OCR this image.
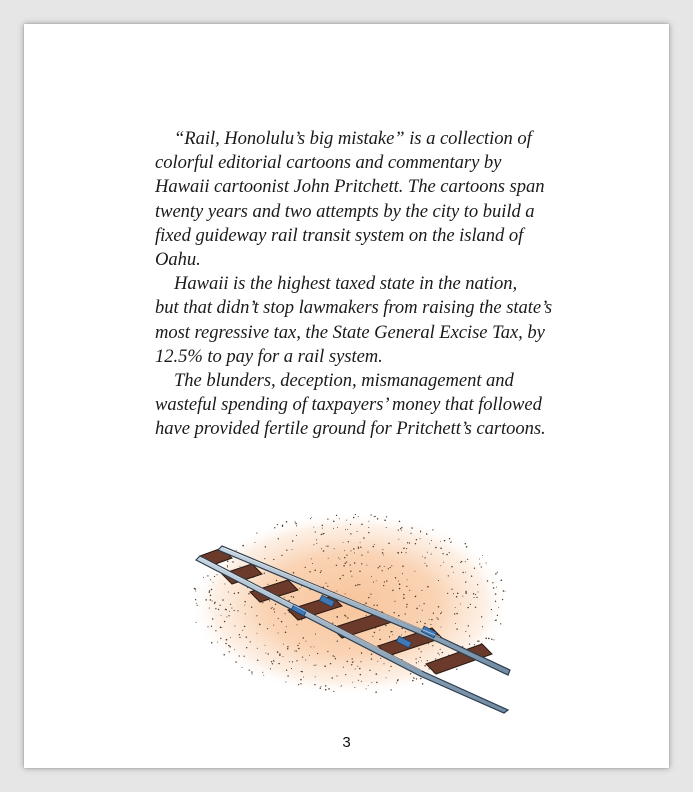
“Rail, Honolulu’s big mistake” is a collection of
colorful editorial cartoons and commentary by
Hawaii cartoonist John Pritchett. The cartoons span
twenty years and two attempts by the city to build a
fixed guideway rail transit system on the island of
Oahu.

Hawaii is the highest taxed state in the nation,
but that didn’t stop lawmakers from raising the state’s
most regressive tax, the State General Excise Tax, by
12.5% to pay for a rail system.

The blunders, deception, mismanagement and
wasteful spending of taxpayers’ money that followed
have provided fertile ground for Pritchett’s cartoons.

3
